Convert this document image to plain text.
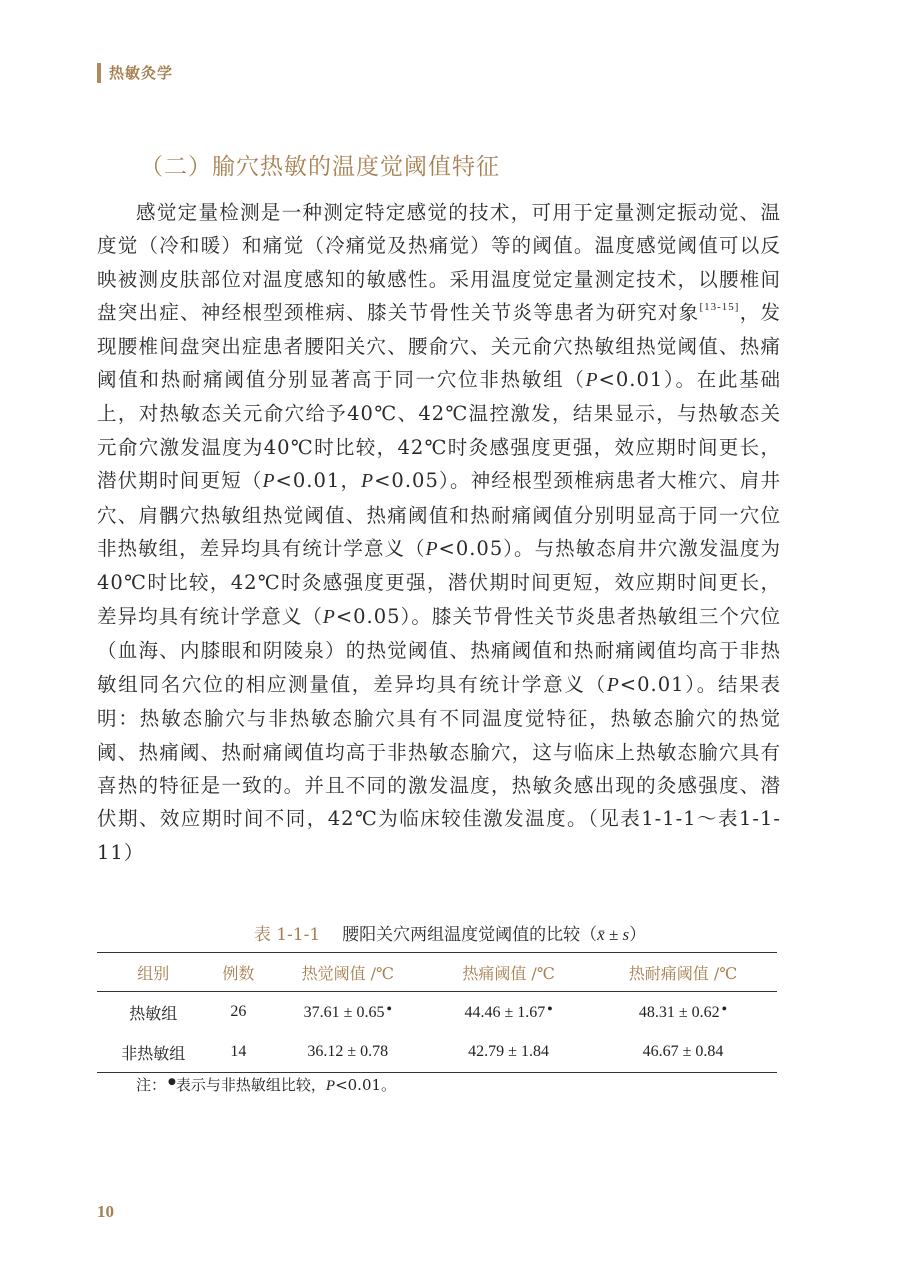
热敏灸学
（二）腧穴热敏的温度觉阈值特征

感觉定量检测是一种测定特定感觉的技术，可用于定量测定振动觉、温度觉（冷和暖）和痛觉（冷痛觉及热痛觉）等的阈值。温度感觉阈值可以反映被测皮肤部位对温度感知的敏感性。采用温度觉定量测定技术，以腰椎间盘突出症、神经根型颈椎病、膝关节骨性关节炎等患者为研究对象[13-15]，发现腰椎间盘突出症患者腰阳关穴、腰俞穴、关元俞穴热敏组热觉阈值、热痛阈值和热耐痛阈值分别显著高于同一穴位非热敏组（P<0.01）。在此基础上，对热敏态关元俞穴给予40℃、42℃温控激发，结果显示，与热敏态关元俞穴激发温度为40℃时比较，42℃时灸感强度更强，效应期时间更长，潜伏期时间更短（P<0.01，P<0.05）。神经根型颈椎病患者大椎穴、肩井穴、肩髃穴热敏组热觉阈值、热痛阈值和热耐痛阈值分别明显高于同一穴位非热敏组，差异均具有统计学意义（P<0.05）。与热敏态肩井穴激发温度为40℃时比较，42℃时灸感强度更强，潜伏期时间更短，效应期时间更长，差异均具有统计学意义（P<0.05）。膝关节骨性关节炎患者热敏组三个穴位（血海、内膝眼和阴陵泉）的热觉阈值、热痛阈值和热耐痛阈值均高于非热敏组同名穴位的相应测量值，差异均具有统计学意义（P<0.01）。结果表明：热敏态腧穴与非热敏态腧穴具有不同温度觉特征，热敏态腧穴的热觉阈、热痛阈、热耐痛阈值均高于非热敏态腧穴，这与临床上热敏态腧穴具有喜热的特征是一致的。并且不同的激发温度，热敏灸感出现的灸感强度、潜伏期、效应期时间不同，42℃为临床较佳激发温度。（见表1-1-1～表1-1-11）

表 1-1-1 腰阳关穴两组温度觉阈值的比较（x̄ ± s）
组别	例数	热觉阈值 /℃	热痛阈值 /℃	热耐痛阈值 /℃
热敏组	26	37.61 ± 0.65 ●	44.46 ± 1.67 ●	48.31 ± 0.62 ●
非热敏组	14	36.12 ± 0.78	42.79 ± 1.84	46.67 ± 0.84
注： ●表示与非热敏组比较，P<0.01。
10
